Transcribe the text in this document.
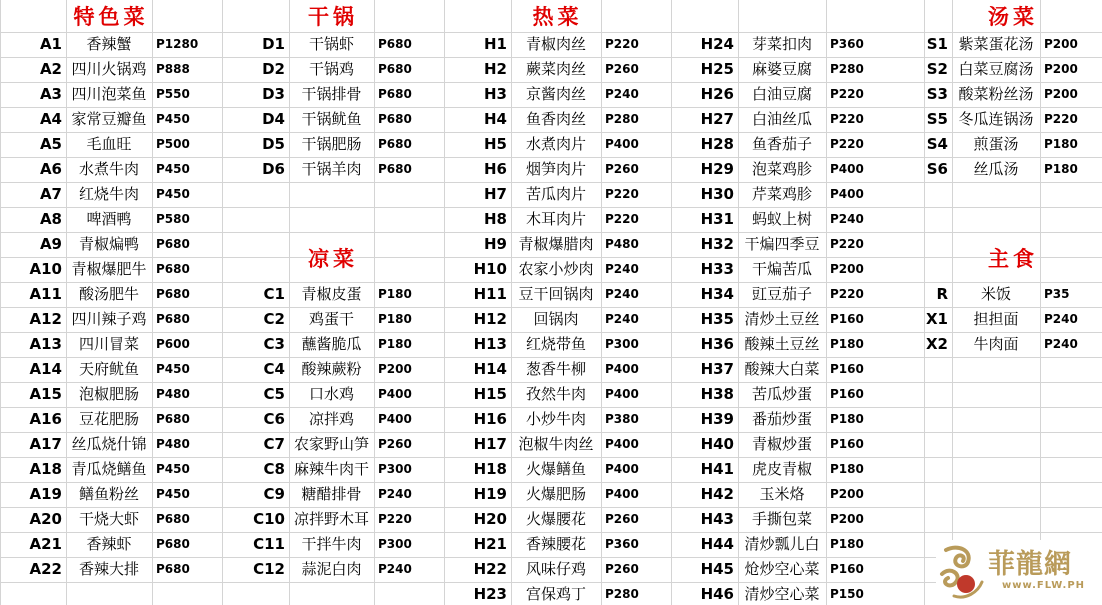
特色菜
A1	香辣蟹	P1280
A2 四川火锅鸡 P888
A3 四川泡菜鱼 P550
A4 家常豆瓣鱼 P450
A5	毛血旺	P500
A6	水煮牛肉	P450
A7	红烧牛肉	P450
A8	啤酒鸭	P580
A9	青椒煸鸭	P680
A10 青椒爆肥牛 P680
A11	酸汤肥牛	P680
A12 四川辣子鸡 P680
A13	四川冒菜	P600
A14	天府鱿鱼	P450
A15	泡椒肥肠	P480
A16	豆花肥肠	P680
A17 丝瓜烧什锦 P480
A18 青瓜烧鳝鱼 P450
A19	鳝鱼粉丝	P450
A20	干烧大虾	P680
A21	香辣虾	P680
A22	香辣大排	P680
干锅
D1	干锅虾	P680
D2	干锅鸡	P680
D3	干锅排骨	P680
D4	干锅鱿鱼	P680
D5	干锅肥肠	P680
D6	干锅羊肉	P680
凉菜
C1	青椒皮蛋	P180
C2	鸡蛋干	P180
C3	蘸酱脆瓜	P180
C4	酸辣蕨粉	P200
C5	口水鸡	P400
C6	凉拌鸡	P400
C7 农家野山笋 P260
C8 麻辣牛肉干 P300
C9	糖醋排骨	P240
C10 凉拌野木耳 P220
C11	干拌牛肉	P300
C12	蒜泥白肉	P240
热菜
H1	青椒肉丝	P220
H2	蕨菜肉丝	P260
H3	京酱肉丝	P240
H4	鱼香肉丝	P280
H5	水煮肉片	P400
H6	烟笋肉片	P260
H7	苦瓜肉片	P220
H8	木耳肉片	P220
H9 青椒爆腊肉 P480
H10 农家小炒肉 P240
H11 豆干回锅肉 P240
H12	回锅肉	P240
H13	红烧带鱼	P300
H14	葱香牛柳	P400
H15	孜然牛肉	P400
H16	小炒牛肉	P380
H17 泡椒牛肉丝 P400
H18	火爆鳝鱼	P400
H19	火爆肥肠	P400
H20	火爆腰花	P260
H21	香辣腰花	P360
H22	风味仔鸡	P260
H23	宫保鸡丁	P280
H24	芽菜扣肉	P360
H25	麻婆豆腐	P280
H26	白油豆腐	P220
H27	白油丝瓜	P220
H28	鱼香茄子	P220
H29	泡菜鸡胗	P400
H30	芹菜鸡胗	P400
H31	蚂蚁上树	P240
H32 干煸四季豆 P220
H33	干煸苦瓜	P200
H34	豇豆茄子	P220
H35 清炒土豆丝 P160
H36 酸辣土豆丝 P180
H37 酸辣大白菜 P160
H38	苦瓜炒蛋	P160
H39	番茄炒蛋	P180
H40	青椒炒蛋	P160
H41	虎皮青椒	P180
H42	玉米烙	P200
H43	手撕包菜	P200
H44 清炒瓢儿白 P180
H45 炝炒空心菜 P160
H46 清炒空心菜 P150
汤菜
S1 紫菜蛋花汤 P200
S2 白菜豆腐汤 P200
S3 酸菜粉丝汤 P200
S5 冬瓜连锅汤 P220
S4	煎蛋汤	P180
S6	丝瓜汤	P180
主食
R	米饭	P35
X1	担担面	P240
X2	牛肉面	P240
菲龍網
www.FLW.PH
